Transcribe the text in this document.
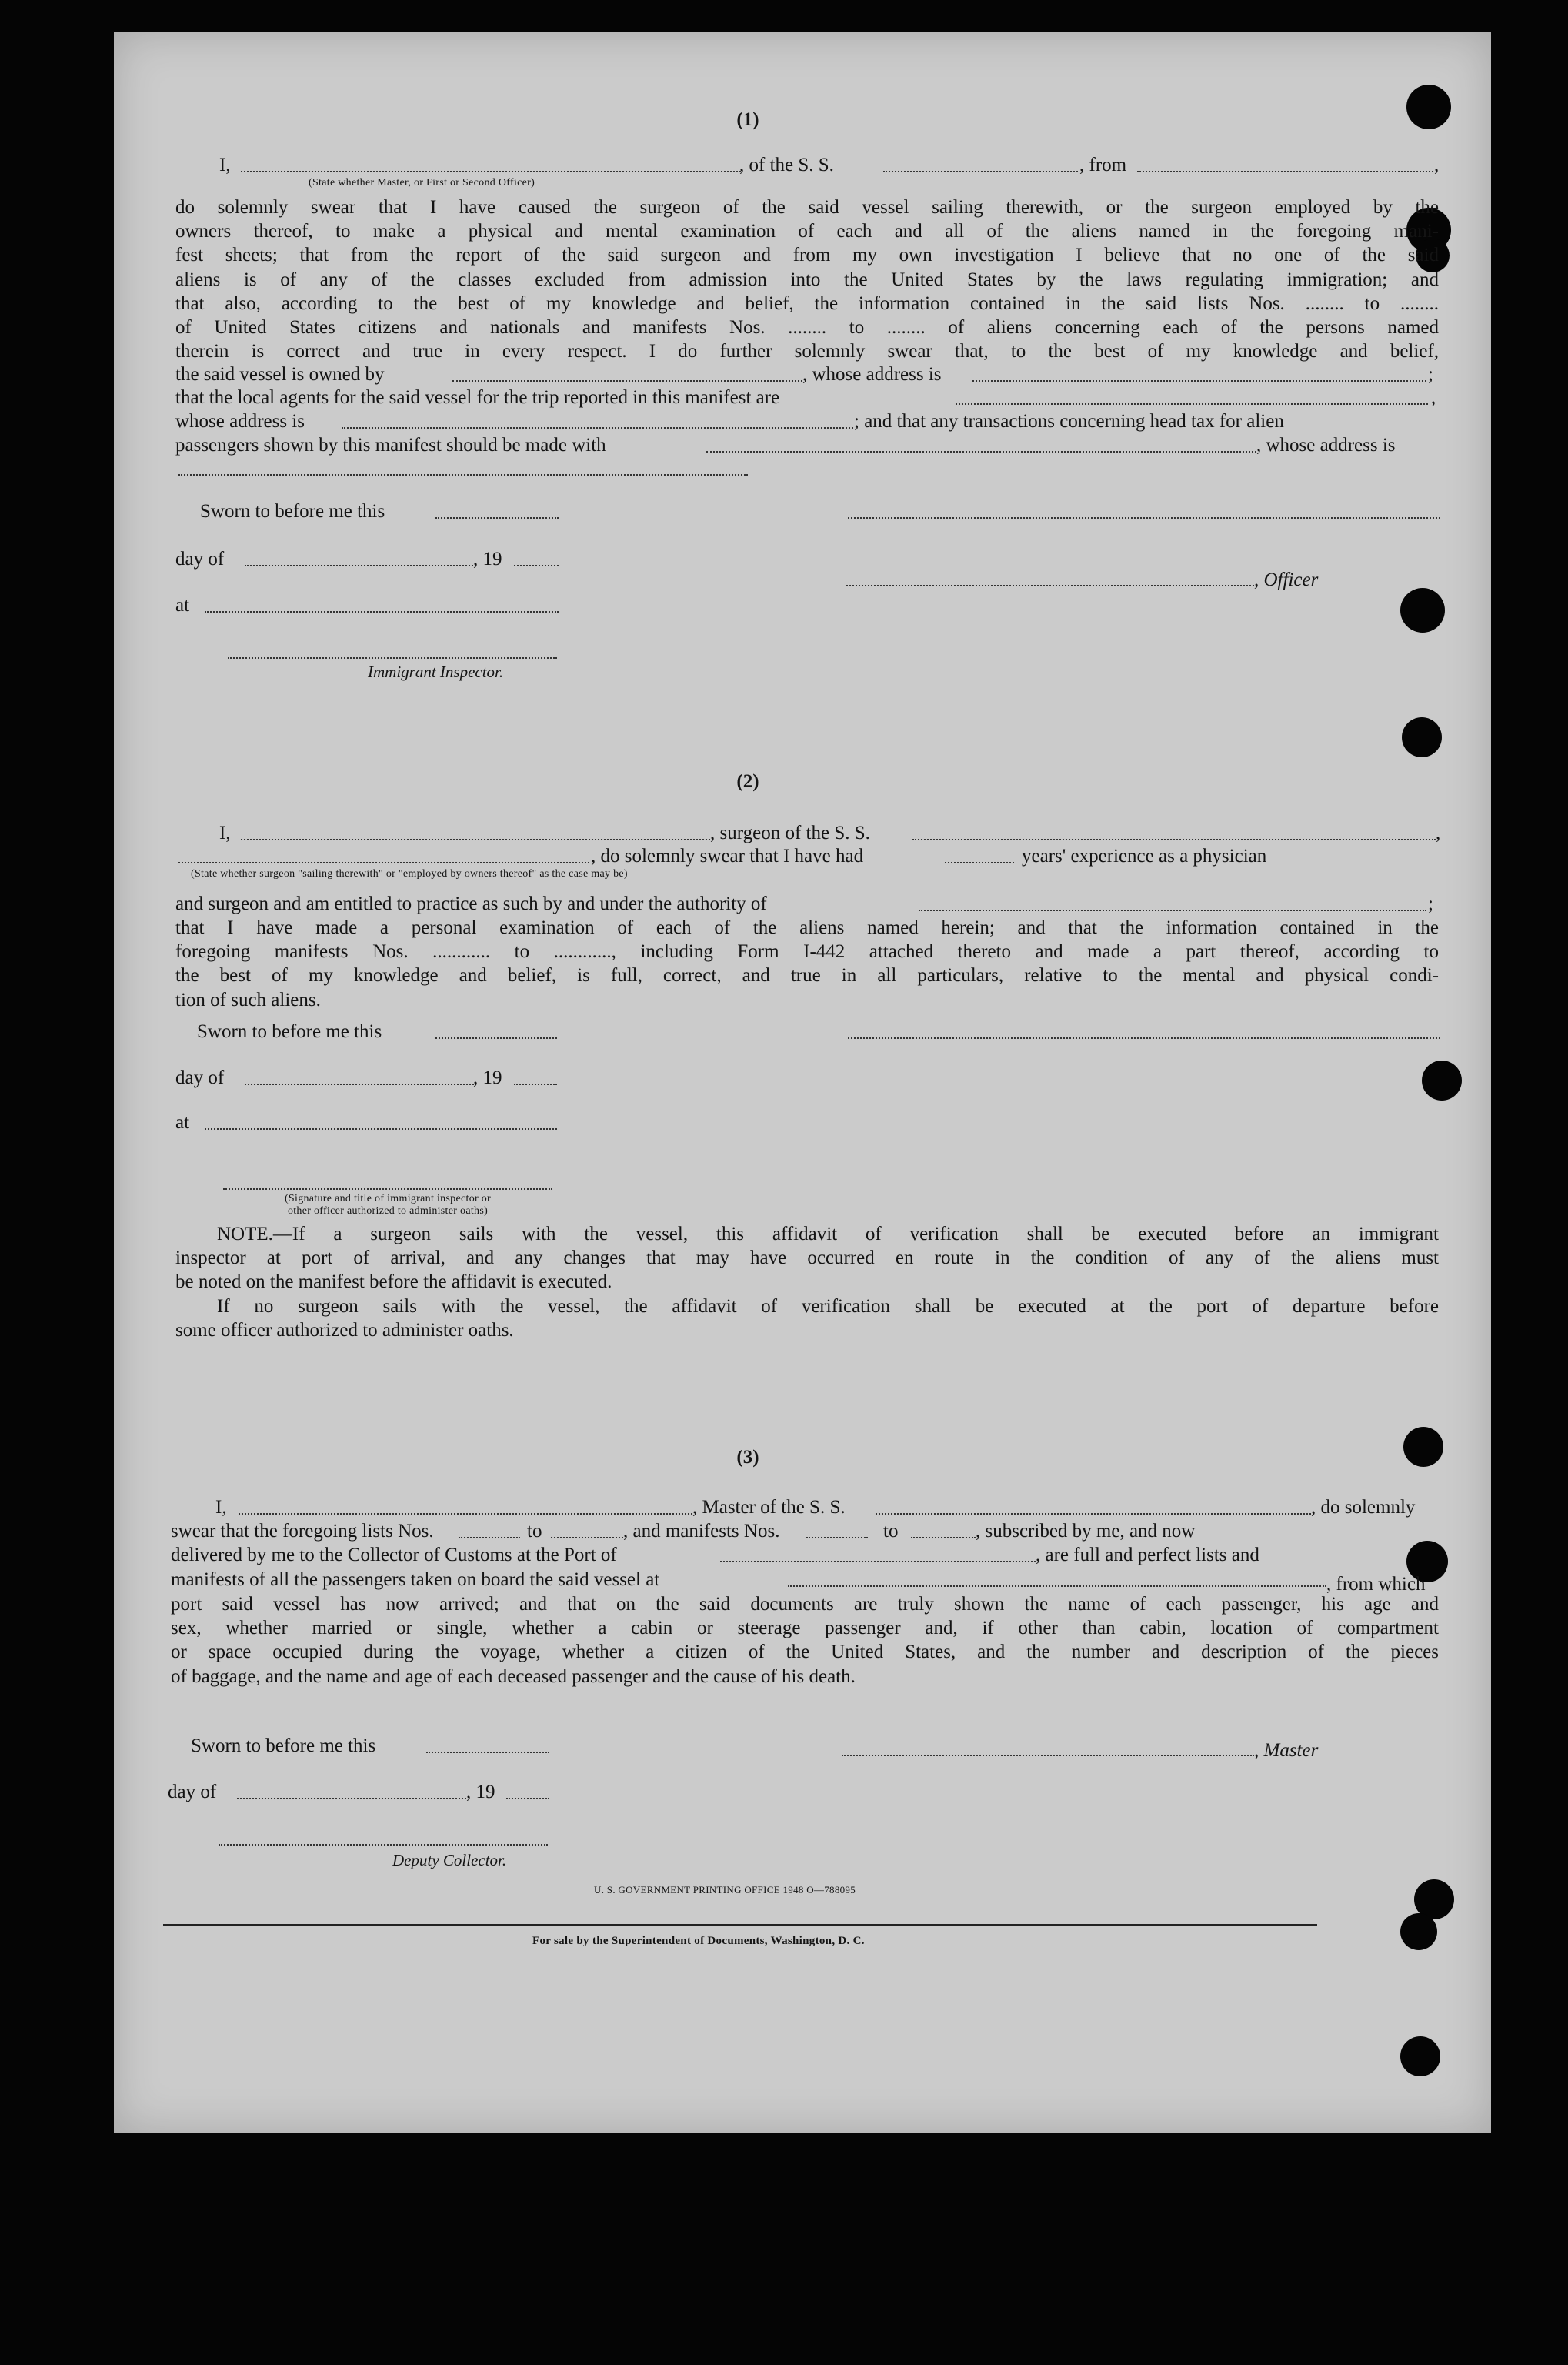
(1)
I,	, of the S. S.	, from	,
(State whether Master, or First or Second Officer)

do solemnly swear that I have caused the surgeon of the said vessel sailing therewith, or the surgeon employed by the

owners thereof, to make a physical and mental examination of each and all of the aliens named in the foregoing mani-

fest sheets; that from the report of the said surgeon and from my own investigation I believe that no one of the said

aliens is of any of the classes excluded from admission into the United States by the laws regulating immigration; and

that also, according to the best of my knowledge and belief, the information contained in the said lists Nos. ........ to ........

of United States citizens and nationals and manifests Nos. ........ to ........ of aliens concerning each of the persons named

therein is correct and true in every respect. I do further solemnly swear that, to the best of my knowledge and belief,

the said vessel is owned by	, whose address is	;
that the local agents for the said vessel for the trip reported in this manifest are	,
whose address is	; and that any transactions concerning head tax for alien
passengers shown by this manifest should be made with	, whose address is
Sworn to before me this
day of	, 19
, Officer
at
Immigrant Inspector.
(2)
I,	, surgeon of the S. S.	,
, do solemnly swear that I have had	years' experience as a physician
(State whether surgeon "sailing therewith" or "employed by owners thereof" as the case may be)
and surgeon and am entitled to practice as such by and under the authority of	;

that I have made a personal examination of each of the aliens named herein; and that the information contained in the

foregoing manifests Nos. ............ to ............, including Form I-442 attached thereto and made a part thereof, according to

the best of my knowledge and belief, is full, correct, and true in all particulars, relative to the mental and physical condi-

tion of such aliens.

Sworn to before me this
day of	, 19
at
(Signature and title of immigrant inspector or
other officer authorized to administer oaths)

NOTE.—If a surgeon sails with the vessel, this affidavit of verification shall be executed before an immigrant

inspector at port of arrival, and any changes that may have occurred en route in the condition of any of the aliens must

be noted on the manifest before the affidavit is executed.

If no surgeon sails with the vessel, the affidavit of verification shall be executed at the port of departure before

some officer authorized to administer oaths.

(3)
I,	, Master of the S. S.	, do solemnly
swear that the foregoing lists Nos.	to	, and manifests Nos.	to	, subscribed by me, and now
delivered by me to the Collector of Customs at the Port of	, are full and perfect lists and
manifests of all the passengers taken on board the said vessel at	, from which

port said vessel has now arrived; and that on the said documents are truly shown the name of each passenger, his age and

sex, whether married or single, whether a cabin or steerage passenger and, if other than cabin, location of compartment

or space occupied during the voyage, whether a citizen of the United States, and the number and description of the pieces

of baggage, and the name and age of each deceased passenger and the cause of his death.

Sworn to before me this	, Master
day of	, 19
Deputy Collector.
U. S. GOVERNMENT PRINTING OFFICE 1948 O—788095
For sale by the Superintendent of Documents, Washington, D. C.
